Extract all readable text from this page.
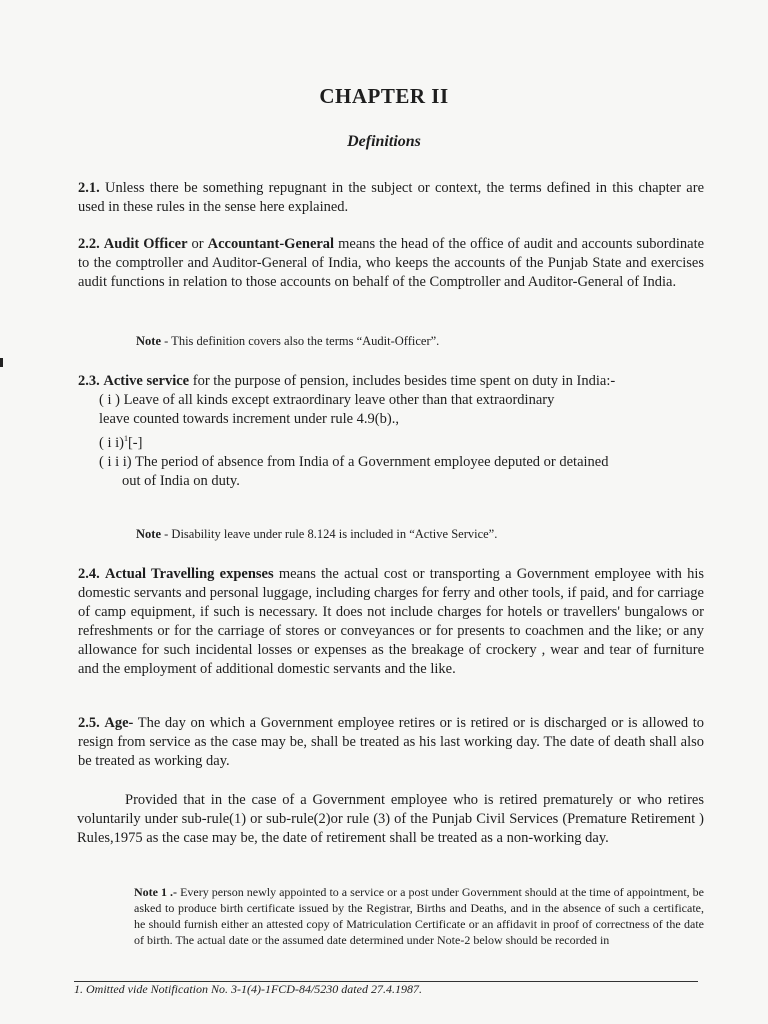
CHAPTER II
Definitions
2.1. Unless there be something repugnant in the subject or context, the terms defined in this chapter are used in these rules in the sense here explained.
2.2. Audit Officer or Accountant-General means the head of the office of audit and accounts subordinate to the comptroller and Auditor-General of India, who keeps the accounts of the Punjab State and exercises audit functions in relation to those accounts on behalf of the Comptroller and Auditor-General of India.
Note - This definition covers also the terms “Audit-Officer”.
2.3. Active service for the purpose of pension, includes besides time spent on duty in India:-
( i ) Leave of all kinds except extraordinary leave other than that extraordinary
leave counted towards increment under rule 4.9(b).,
( i i)$^1$[-]
( i i i) The period of absence from India of a Government employee deputed or detained
out of India on duty.
Note - Disability leave under rule 8.124 is included in “Active Service”.
2.4. Actual Travelling expenses means the actual cost or transporting a Government employee with his domestic servants and personal luggage, including charges for ferry and other tools, if paid, and for carriage of camp equipment, if such is necessary. It does not include charges for hotels or travellers' bungalows or refreshments or for the carriage of stores or conveyances or for presents to coachmen and the like; or any allowance for such incidental losses or expenses as the breakage of crockery , wear and tear of furniture and the employment of additional domestic servants and the like.
2.5. Age- The day on which a Government employee retires or is retired or is discharged or is allowed to resign from service as the case may be, shall be treated as his last working day. The date of death shall also be treated as working day.
Provided that in the case of a Government employee who is retired prematurely or who retires voluntarily under sub-rule(1) or sub-rule(2)or rule (3) of the Punjab Civil Services (Premature Retirement ) Rules,1975 as the case may be, the date of retirement shall be treated as a non-working day.
Note 1 .- Every person newly appointed to a service or a post under Government should at the time of appointment, be asked to produce birth certificate issued by the Registrar, Births and Deaths, and in the absence of such a certificate, he should furnish either an attested copy of Matriculation Certificate or an affidavit in proof of correctness of the date of birth. The actual date or the assumed date determined under Note-2 below should be recorded in
1. Omitted vide Notification No. 3-1(4)-1FCD-84/5230 dated 27.4.1987.
